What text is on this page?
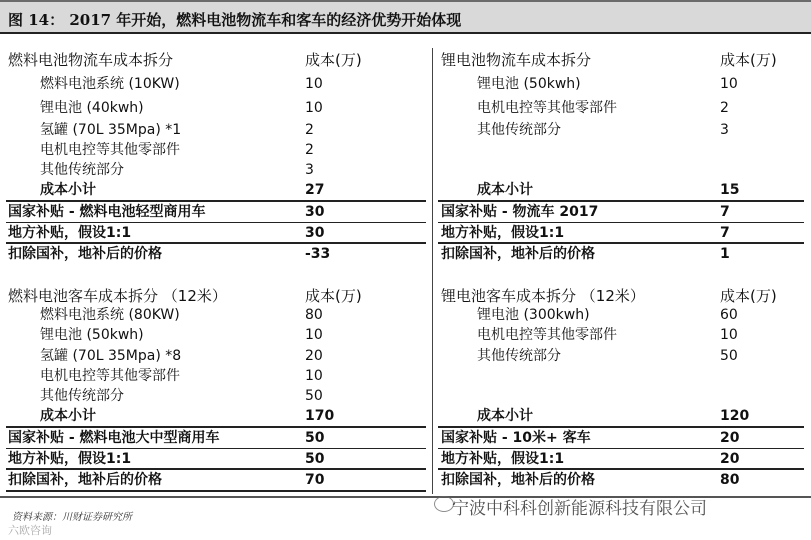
图 14： 2017 年开始，燃料电池物流车和客车的经济优势开始体现
燃料电池物流车成本拆分	成本(万)
燃料电池系统 (10KW)	10
锂电池 (40kwh)	10
氢罐 (70L 35Mpa) *1	2
电机电控等其他零部件	2
其他传统部分	3
成本小计	27
国家补贴 - 燃料电池轻型商用车	30
地方补贴，假设1:1	30
扣除国补，地补后的价格	-33
锂电池物流车成本拆分	成本(万)
锂电池 (50kwh)	10
电机电控等其他零部件	2
其他传统部分	3
成本小计	15
国家补贴 - 物流车 2017	7
地方补贴，假设1:1	7
扣除国补，地补后的价格	1
燃料电池客车成本拆分 （12米）	成本(万)
燃料电池系统 (80KW)	80
锂电池 (50kwh)	10
氢罐 (70L 35Mpa) *8	20
电机电控等其他零部件	10
其他传统部分	50
成本小计	170
国家补贴 - 燃料电池大中型商用车	50
地方补贴，假设1:1	50
扣除国补，地补后的价格	70
锂电池客车成本拆分 （12米）	成本(万)
锂电池 (300kwh)	60
电机电控等其他零部件	10
其他传统部分	50
成本小计	120
国家补贴 - 10米+ 客车	20
地方补贴，假设1:1	20
扣除国补，地补后的价格	80
资料来源：川财证券研究所	宁波中科科创新能源科技有限公司
六欧咨询
